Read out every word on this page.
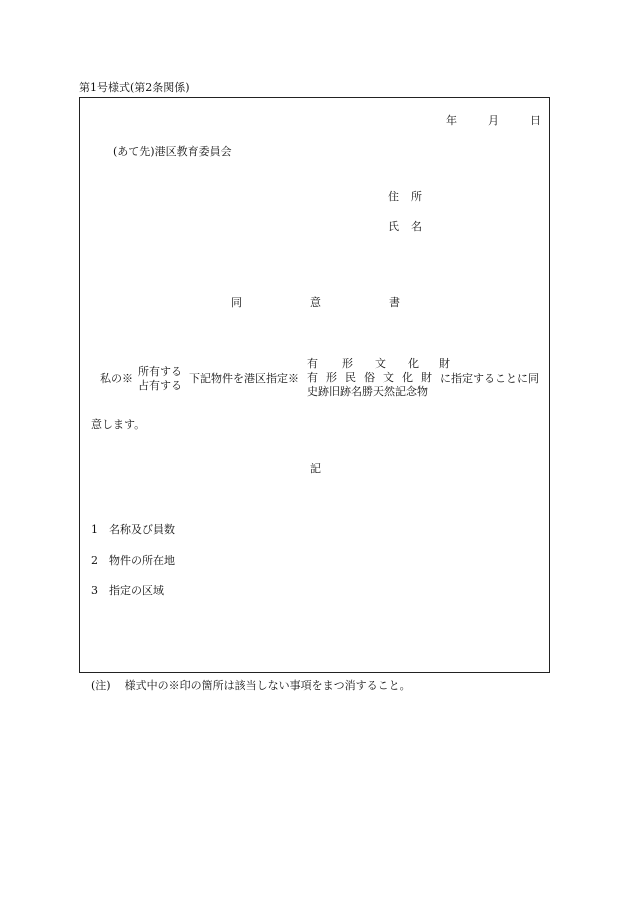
第1号様式(第2条関係)
年	月	日
(あて先)港区教育委員会
住 所
氏 名
同	意	書
私の※
所有する
占有する
下記物件を港区指定※
有 形 文 化 財
有 形 民 俗 文 化 財
史跡旧跡名勝天然記念物
に指定することに同
意します。
記
1 名称及び員数
2 物件の所在地
3 指定の区域
(注) 様式中の※印の箇所は該当しない事項をまつ消すること。
